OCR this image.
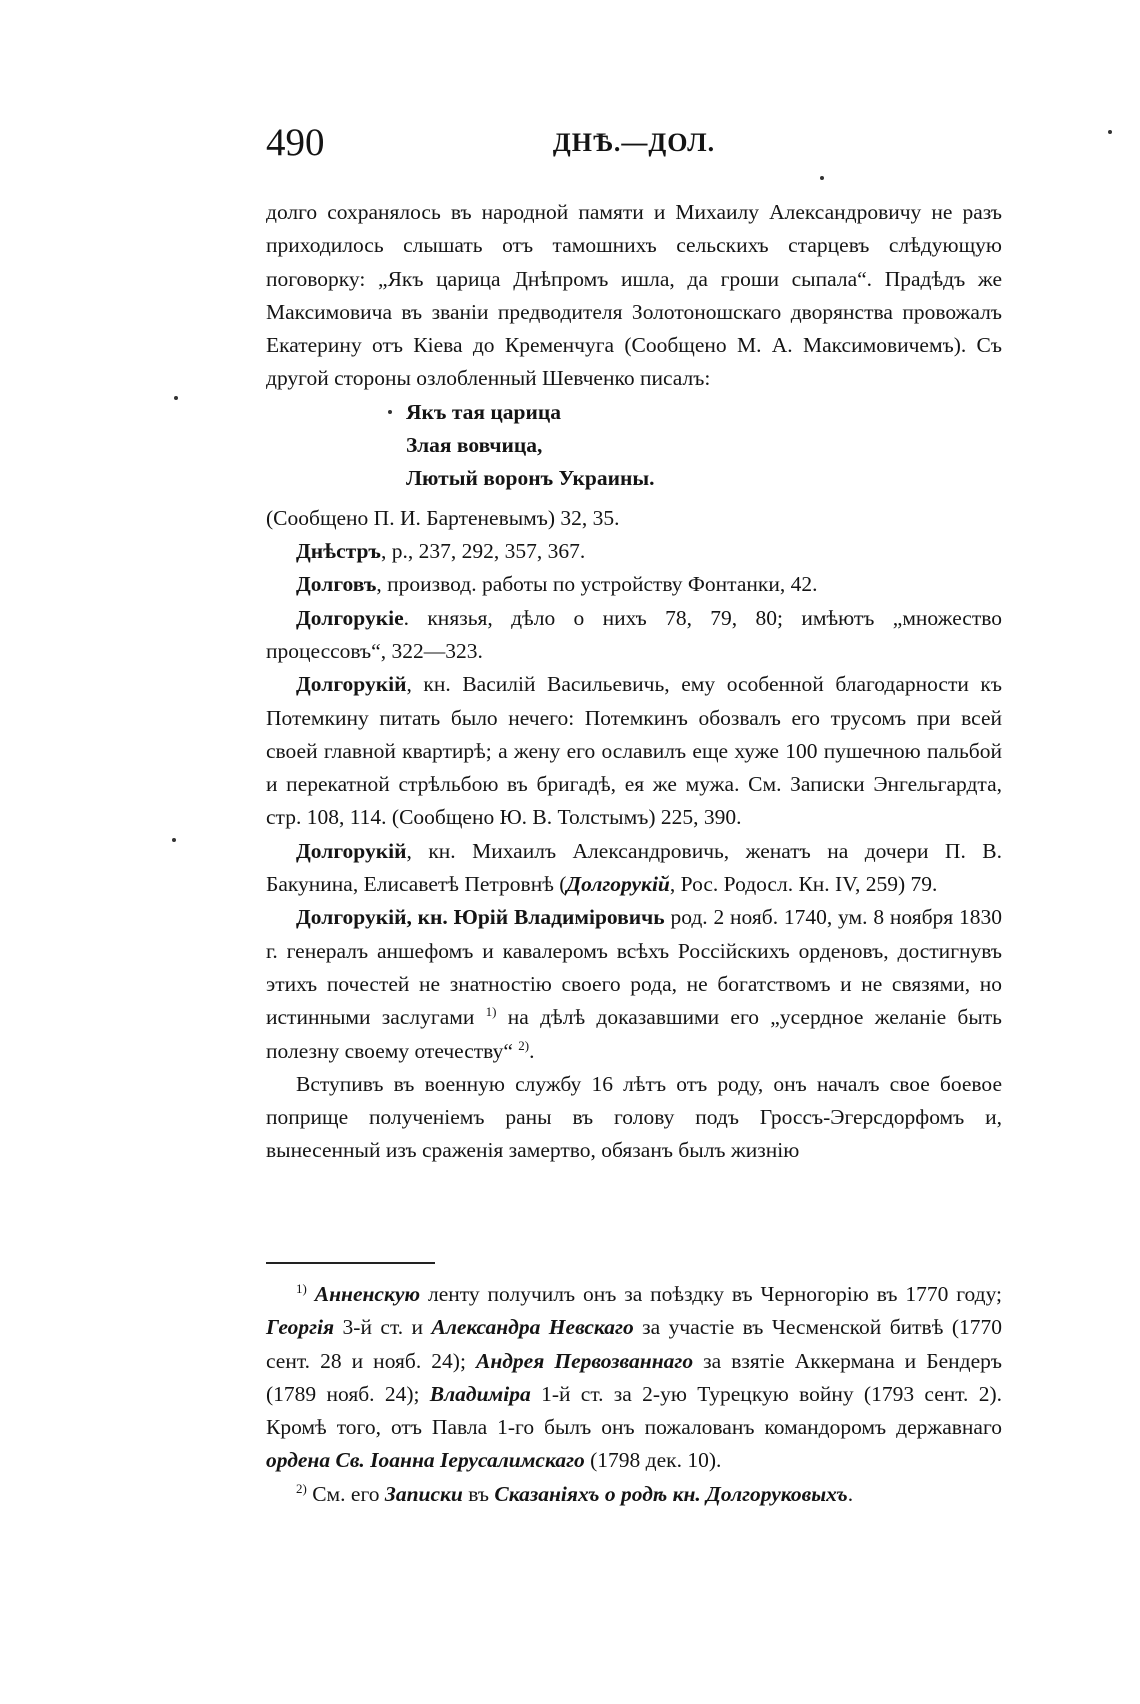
490	ДНѢ.—ДОЛ.

долго сохранялось въ народной памяти и Михаилу Александровичу не разъ приходилось слышать отъ тамошнихъ сельскихъ старцевъ слѣдующую поговорку: „Якъ царица Днѣпромъ ишла, да гроши сыпала“. Прадѣдъ же Максимовича въ званiи предводителя Золотоношскаго дворянства провожалъ Екатерину отъ Кiева до Кременчуга (Сообщено М. А. Максимовичемъ). Съ другой стороны озлобленный Шевченко писалъ:

Якъ тая царица
Злая вовчица,
Лютый воронъ Украины.

(Сообщено П. И. Бартеневымъ) 32, 35.

Днѣстръ, р., 237, 292, 357, 367.

Долговъ, производ. работы по устройству Фонтанки, 42.

Долгорукiе. князья, дѣло о нихъ 78, 79, 80; имѣютъ „множество процессовъ“, 322—323.

Долгорукiй, кн. Василiй Васильевичь, ему особенной благодарности къ Потемкину питать было нечего: Потемкинъ обозвалъ его трусомъ при всей своей главной квартирѣ; а жену его ославилъ еще хуже 100 пушечною пальбой и перекатной стрѣльбою въ бригадѣ, ея же мужа. См. Записки Энгельгардта, стр. 108, 114. (Сообщено Ю. В. Толстымъ) 225, 390.

Долгорукiй, кн. Михаилъ Александровичь, женатъ на дочери П. В. Бакунина, Елисаветѣ Петровнѣ (Долгорукiй, Рос. Родосл. Кн. IV, 259) 79.

Долгорукiй, кн. Юрiй Владимiровичь род. 2 нояб. 1740, ум. 8 ноября 1830 г. генералъ аншефомъ и кавалеромъ всѣхъ Россiйскихъ орденовъ, достигнувъ этихъ почестей не знатностiю своего рода, не богатствомъ и не связями, но истинными заслугами $^{1)}$ на дѣлѣ доказавшими его „усердное желанiе быть полезну своему отечеству“ $^{2)}$.

Вступивъ въ военную службу 16 лѣтъ отъ роду, онъ началъ свое боевое поприще полученiемъ раны въ голову подъ Гроссъ-Эгерсдорфомъ и, вынесенный изъ сраженiя замертво, обязанъ былъ жизнiю

$^{1)}$ Анненскую ленту получилъ онъ за поѣздку въ Черногорiю въ 1770 году; Георгiя 3-й ст. и Александра Невскаго за участiе въ Чесменской битвѣ (1770 сент. 28 и нояб. 24); Андрея Первозваннаго за взятiе Аккермана и Бендеръ (1789 нояб. 24); Владимiра 1-й ст. за 2-ую Турецкую войну (1793 сент. 2). Кромѣ того, отъ Павла 1-го былъ онъ пожалованъ командоромъ державнаго ордена Св. Iоанна Iерусалимскаго (1798 дек. 10).

$^{2)}$ См. его Записки въ Сказанiяхъ о родѣ кн. Долгоруковыхъ.
